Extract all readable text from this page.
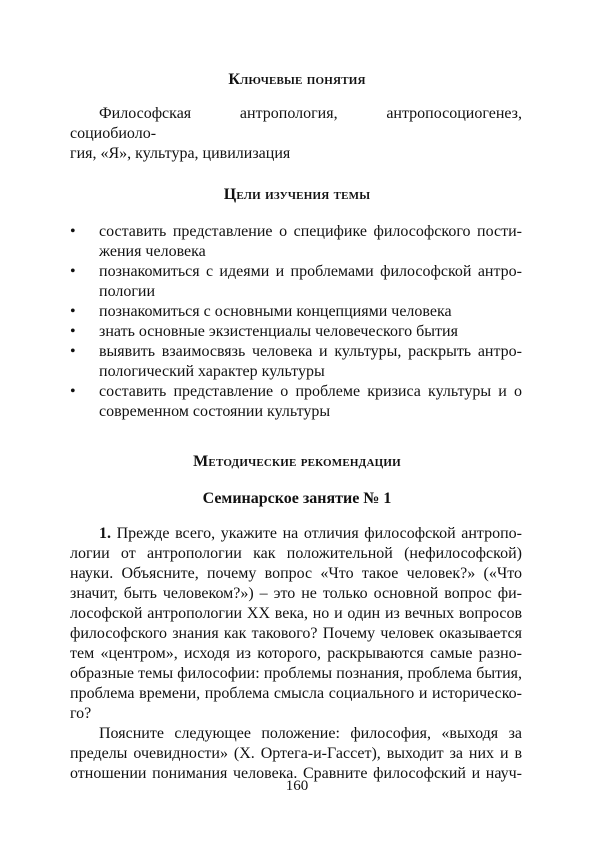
Ключевые понятия
Философская антропология, антропосоциогенез, социобиоло-
гия, «Я», культура, цивилизация
Цели изучения темы
• составить представление о специфике философского пости-
жения человека
• познакомиться с идеями и проблемами философской антро-
пологии
• познакомиться с основными концепциями человека
• знать основные экзистенциалы человеческого бытия
• выявить взаимосвязь человека и культуры, раскрыть антро-
пологический характер культуры
• составить представление о проблеме кризиса культуры и о
современном состоянии культуры
Методические рекомендации
Семинарское занятие № 1
1. Прежде всего, укажите на отличия философской антропо-
логии от антропологии как положительной (нефилософской)
науки. Объясните, почему вопрос «Что такое человек?» («Что
значит, быть человеком?») – это не только основной вопрос фи-
лософской антропологии XX века, но и один из вечных вопросов
философского знания как такового? Почему человек оказывается
тем «центром», исходя из которого, раскрываются самые разно-
образные темы философии: проблемы познания, проблема бытия,
проблема времени, проблема смысла социального и историческо-
го?
Поясните следующее положение: философия, «выходя за
пределы очевидности» (Х. Ортега-и-Гассет), выходит за них и в
отношении понимания человека. Сравните философский и науч-
160
